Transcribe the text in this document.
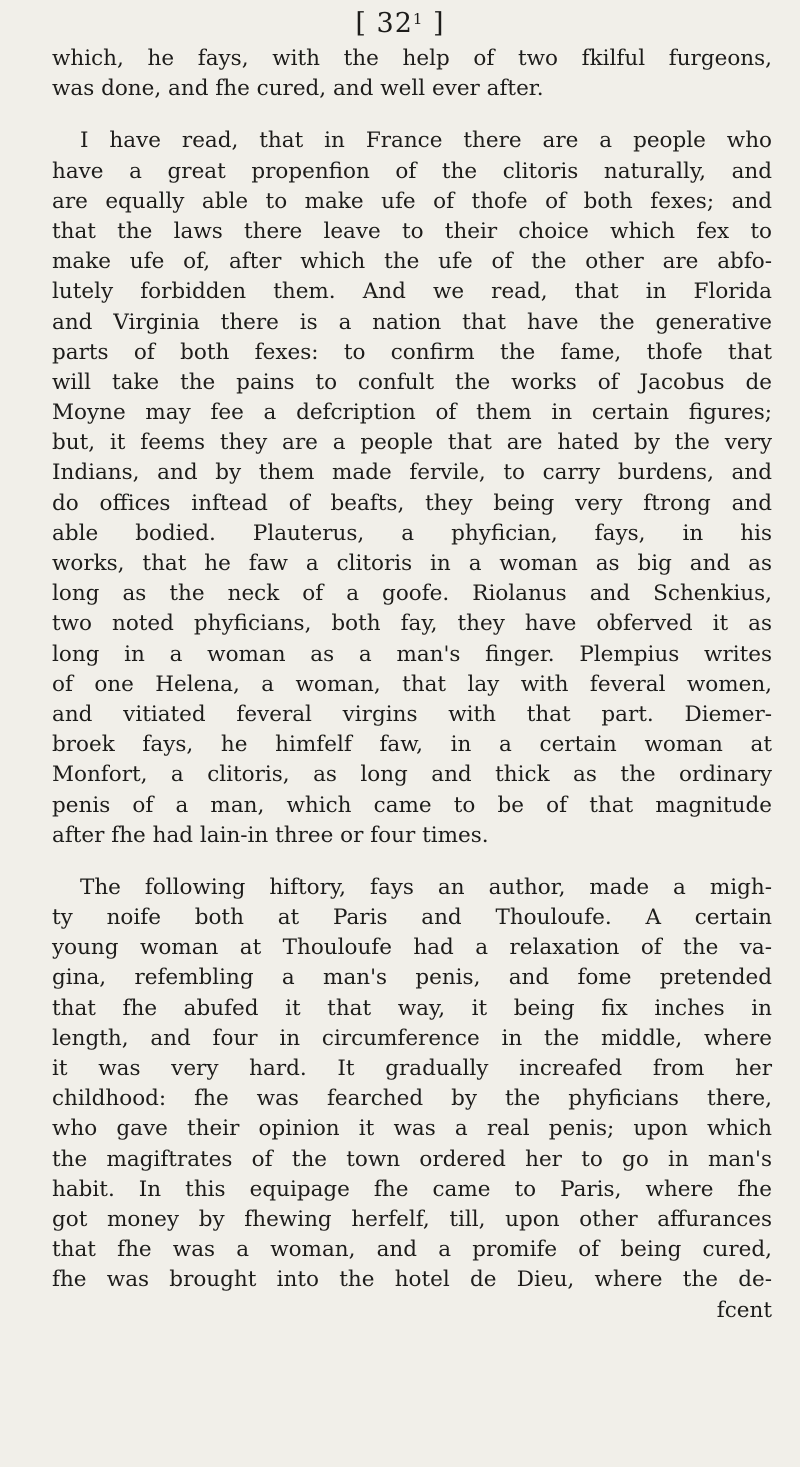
[ $32^1$ ]
which, he fays, with the help of two fkilful furgeons,
was done, and fhe cured, and well ever after.
I have read, that in France there are a people who
have a great propenfion of the clitoris naturally, and
are equally able to make ufe of thofe of both fexes; and
that the laws there leave to their choice which fex to
make ufe of, after which the ufe of the other are abfo-
lutely forbidden them. And we read, that in Florida
and Virginia there is a nation that have the generative
parts of both fexes: to confirm the fame, thofe that
will take the pains to confult the works of Jacobus de
Moyne may fee a defcription of them in certain figures;
but, it feems they are a people that are hated by the very
Indians, and by them made fervile, to carry burdens, and
do offices inftead of beafts, they being very ftrong and
able bodied. Plauterus, a phyfician, fays, in his
works, that he faw a clitoris in a woman as big and as
long as the neck of a goofe. Riolanus and Schenkius,
two noted phyficians, both fay, they have obferved it as
long in a woman as a man's finger. Plempius writes
of one Helena, a woman, that lay with feveral women,
and vitiated feveral virgins with that part. Diemer-
broek fays, he himfelf faw, in a certain woman at
Monfort, a clitoris, as long and thick as the ordinary
penis of a man, which came to be of that magnitude
after fhe had lain-in three or four times.
The following hiftory, fays an author, made a migh-
ty noife both at Paris and Thouloufe. A certain
young woman at Thouloufe had a relaxation of the va-
gina, refembling a man's penis, and fome pretended
that fhe abufed it that way, it being fix inches in
length, and four in circumference in the middle, where
it was very hard. It gradually increafed from her
childhood: fhe was fearched by the phyficians there,
who gave their opinion it was a real penis; upon which
the magiftrates of the town ordered her to go in man's
habit. In this equipage fhe came to Paris, where fhe
got money by fhewing herfelf, till, upon other affurances
that fhe was a woman, and a promife of being cured,
fhe was brought into the hotel de Dieu, where the de-
fcent
